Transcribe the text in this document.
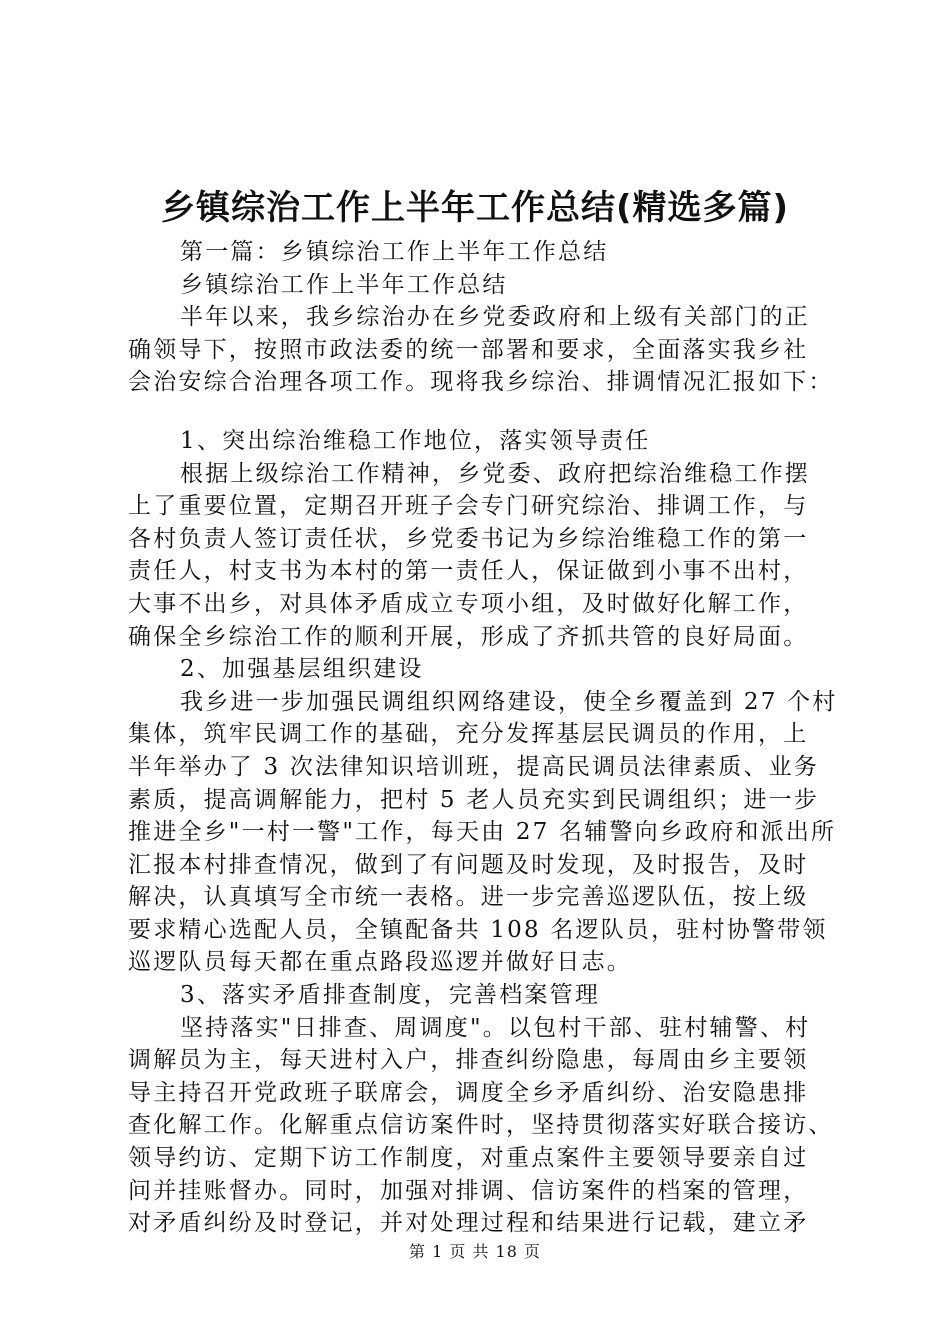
乡镇综治工作上半年工作总结(精选多篇)

第一篇：乡镇综治工作上半年工作总结

乡镇综治工作上半年工作总结

半年以来，我乡综治办在乡党委政府和上级有关部门的正

确领导下，按照市政法委的统一部署和要求，全面落实我乡社

会治安综合治理各项工作。现将我乡综治、排调情况汇报如下：

1、突出综治维稳工作地位，落实领导责任

根据上级综治工作精神，乡党委、政府把综治维稳工作摆

上了重要位置，定期召开班子会专门研究综治、排调工作，与

各村负责人签订责任状，乡党委书记为乡综治维稳工作的第一

责任人，村支书为本村的第一责任人，保证做到小事不出村，

大事不出乡，对具体矛盾成立专项小组，及时做好化解工作，

确保全乡综治工作的顺利开展，形成了齐抓共管的良好局面。

2、加强基层组织建设

我乡进一步加强民调组织网络建设，使全乡覆盖到 27 个村

集体，筑牢民调工作的基础，充分发挥基层民调员的作用，上

半年举办了 3 次法律知识培训班，提高民调员法律素质、业务

素质，提高调解能力，把村 5 老人员充实到民调组织；进一步

推进全乡"一村一警"工作，每天由 27 名辅警向乡政府和派出所

汇报本村排查情况，做到了有问题及时发现，及时报告，及时

解决，认真填写全市统一表格。进一步完善巡逻队伍，按上级

要求精心选配人员，全镇配备共 108 名逻队员，驻村协警带领

巡逻队员每天都在重点路段巡逻并做好日志。

3、落实矛盾排查制度，完善档案管理

坚持落实"日排查、周调度"。以包村干部、驻村辅警、村

调解员为主，每天进村入户，排查纠纷隐患，每周由乡主要领

导主持召开党政班子联席会，调度全乡矛盾纠纷、治安隐患排

查化解工作。化解重点信访案件时，坚持贯彻落实好联合接访、

领导约访、定期下访工作制度，对重点案件主要领导要亲自过

问并挂账督办。同时，加强对排调、信访案件的档案的管理，

对矛盾纠纷及时登记，并对处理过程和结果进行记载，建立矛

第 1 页 共 18 页
